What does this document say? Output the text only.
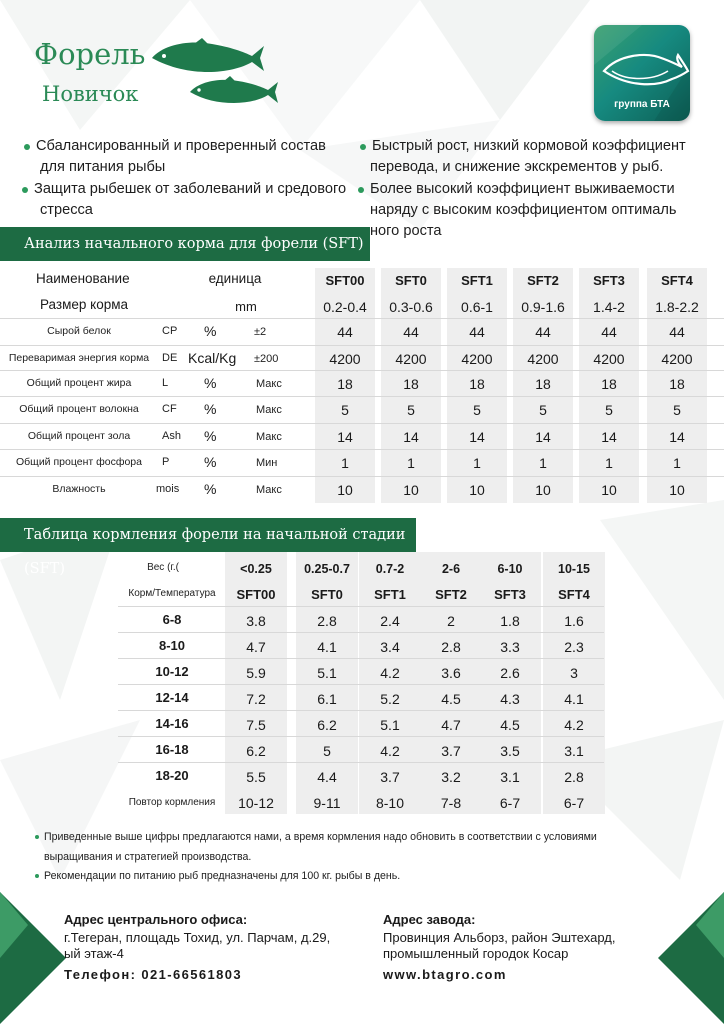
Форель
Новичок	группа БТА
Сбалансированный и проверенный состав
для питания рыбы
Защита рыбешек от заболеваний и средового
стресса
Быстрый рост, низкий кормовой коэффициент
перевода, и снижение экскрементов у рыб.
Более высокий коэффициент выживаемости
наряду с высоким коэффициентом оптималь
ного роста
Анализ начального корма для форели (SFT)
Наименование	единица	SFT00	SFT0	SFT1	SFT2	SFT3	SFT4
Размер корма	mm	0.2-0.4	0.3-0.6	0.6-1	0.9-1.6	1.4-2	1.8-2.2
Сырой белок	CP %	±2	44	44	44	44	44	44
Переваримая энергия корма	DE Kcal/Kg ±200	4200	4200	4200	4200	4200	4200
Общий процент жира	L	%	Макс	18	18	18	18	18	18
Общий процент волокна	CF %	Макс	5	5	5	5	5	5
Общий процент зола	Ash %	Макс	14	14	14	14	14	14
Общий процент фосфора	P %	Мин	1	1	1	1	1	1
Влажность	mois %	Макс	10	10	10	10	10	10
Таблица кормления форели на начальной стадии (SFT)	Вес (г.(	<0.25	0.25-0.7	0.7-2	2-6	6-10	10-15
Корм/Температура	SFT00	SFT0	SFT1	SFT2	SFT3	SFT4
6-8	3.8	2.8	2.4	2	1.8	1.6
8-10	4.7	4.1	3.4	2.8	3.3	2.3
10-12	5.9	5.1	4.2	3.6	2.6	3
12-14	7.2	6.1	5.2	4.5	4.3	4.1
14-16	7.5	6.2	5.1	4.7	4.5	4.2
16-18	6.2	5	4.2	3.7	3.5	3.1
18-20	5.5	4.4	3.7	3.2	3.1	2.8
Повтор кормления	10-12	9-11	8-10	7-8	6-7	6-7
Приведенные выше цифры предлагаются нами, а время кормления надо обновить в соответствии с условиями
выращивания и стратегией производства.
Рекомендации по питанию рыб предназначены для 100 кг. рыбы в день.
Адрес центрального офиса:
г.Тегеран, площадь Тохид, ул. Парчам, д.29,
ый этаж-4
Телефон: 021-66561803
Адрес завода:
Провинция Альборз, район Эштехард,
промышленный городок Косар
www.btagro.com
